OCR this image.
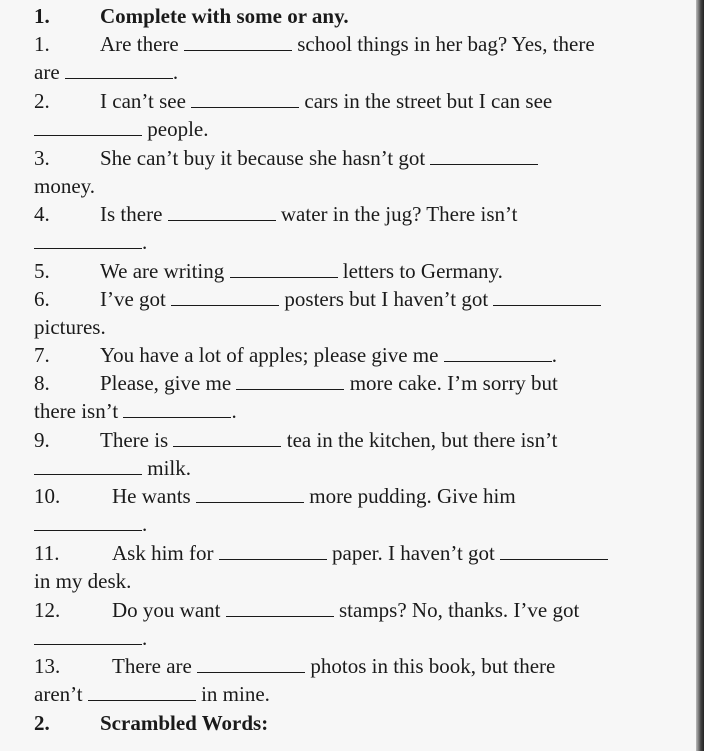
1. Complete with some or any.
1. Are there	school things in her bag? Yes, there
are	.
2. I can’t see	cars in the street but I can see
people.
3. She can’t buy it because she hasn’t got
money.
4. Is there	water in the jug? There isn’t
.
5. We are writing	letters to Germany.
6. I’ve got	posters but I haven’t got
pictures.
7. You have a lot of apples; please give me	.
8. Please, give me	more cake. I’m sorry but
there isn’t	.
9. There is	tea in the kitchen, but there isn’t
milk.
10. He wants	more pudding. Give him
.
11.	Ask him for	paper. I haven’t got
in my desk.
12. Do you want	stamps? No, thanks. I’ve got
.
13. There are	photos in this book, but there
aren’t	in mine.
2. Scrambled Words:
